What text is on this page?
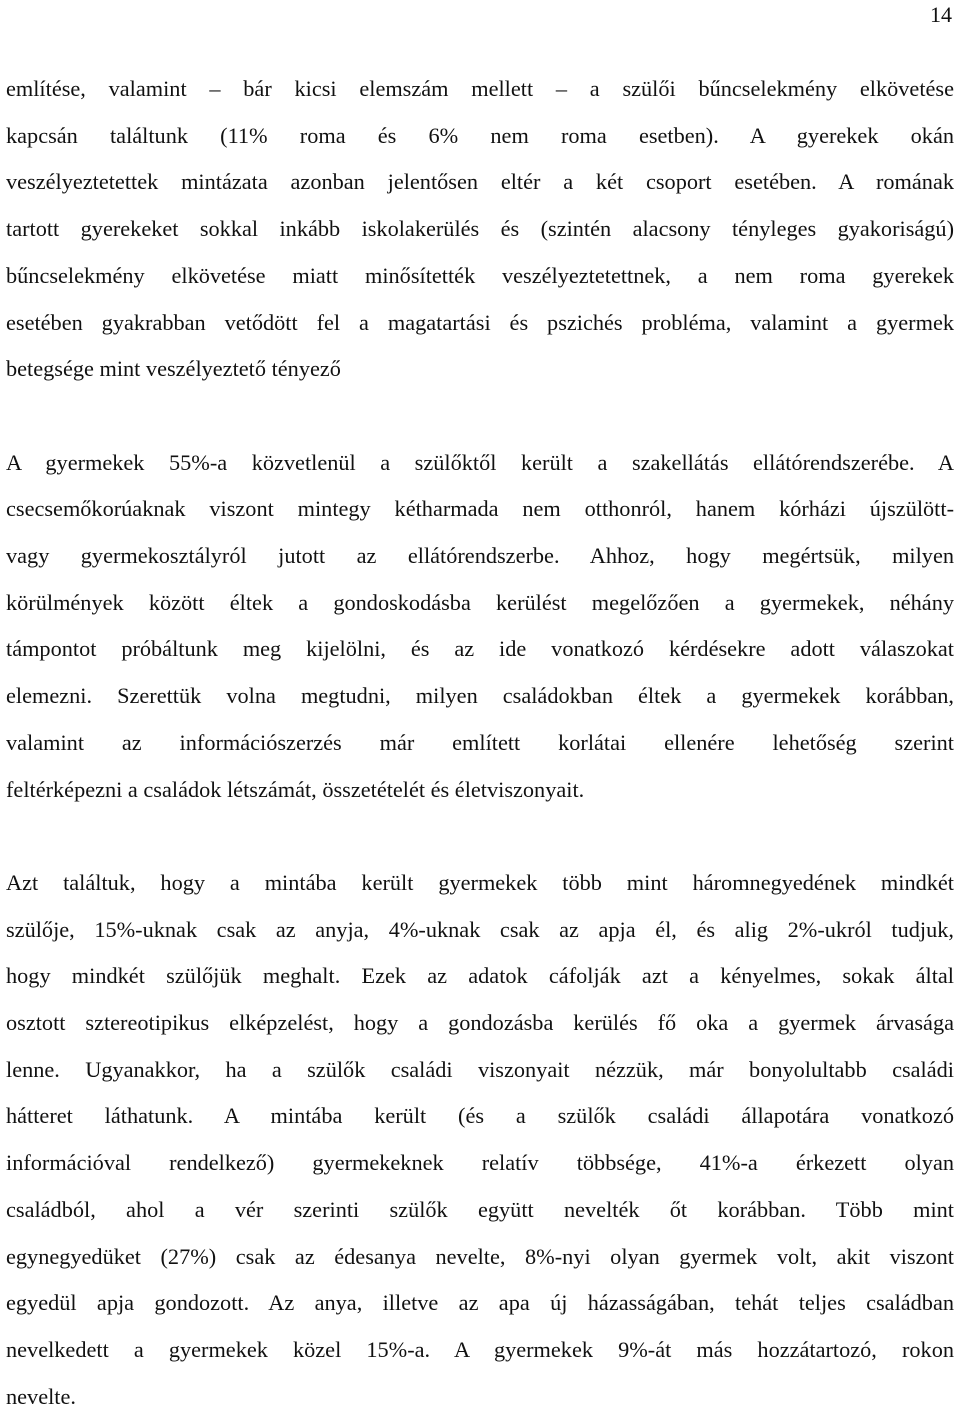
14
említése, valamint – bár kicsi elemszám mellett – a szülői bűncselekmény elkövetése
kapcsán találtunk (11% roma és 6% nem roma esetben). A gyerekek okán
veszélyeztetettek mintázata azonban jelentősen eltér a két csoport esetében. A romának
tartott gyerekeket sokkal inkább iskolakerülés és (szintén alacsony tényleges gyakoriságú)
bűncselekmény elkövetése miatt minősítették veszélyeztetettnek, a nem roma gyerekek
esetében gyakrabban vetődött fel a magatartási és pszichés probléma, valamint a gyermek
betegsége mint veszélyeztető tényező
A gyermekek 55%-a közvetlenül a szülőktől került a szakellátás ellátórendszerébe. A
csecsemőkorúaknak viszont mintegy kétharmada nem otthonról, hanem kórházi újszülött-
vagy gyermekosztályról jutott az ellátórendszerbe. Ahhoz, hogy megértsük, milyen
körülmények között éltek a gondoskodásba kerülést megelőzően a gyermekek, néhány
támpontot próbáltunk meg kijelölni, és az ide vonatkozó kérdésekre adott válaszokat
elemezni. Szerettük volna megtudni, milyen családokban éltek a gyermekek korábban,
valamint az információszerzés már említett korlátai ellenére lehetőség szerint
feltérképezni a családok létszámát, összetételét és életviszonyait.
Azt találtuk, hogy a mintába került gyermekek több mint háromnegyedének mindkét
szülője, 15%-uknak csak az anyja, 4%-uknak csak az apja él, és alig 2%-ukról tudjuk,
hogy mindkét szülőjük meghalt. Ezek az adatok cáfolják azt a kényelmes, sokak által
osztott sztereotipikus elképzelést, hogy a gondozásba kerülés fő oka a gyermek árvasága
lenne. Ugyanakkor, ha a szülők családi viszonyait nézzük, már bonyolultabb családi
hátteret láthatunk. A mintába került (és a szülők családi állapotára vonatkozó
információval rendelkező) gyermekeknek relatív többsége, 41%-a érkezett olyan
családból, ahol a vér szerinti szülők együtt nevelték őt korábban. Több mint
egynegyedüket (27%) csak az édesanya nevelte, 8%-nyi olyan gyermek volt, akit viszont
egyedül apja gondozott. Az anya, illetve az apa új házasságában, tehát teljes családban
nevelkedett a gyermekek közel 15%-a. A gyermekek 9%-át más hozzátartozó, rokon
nevelte.
